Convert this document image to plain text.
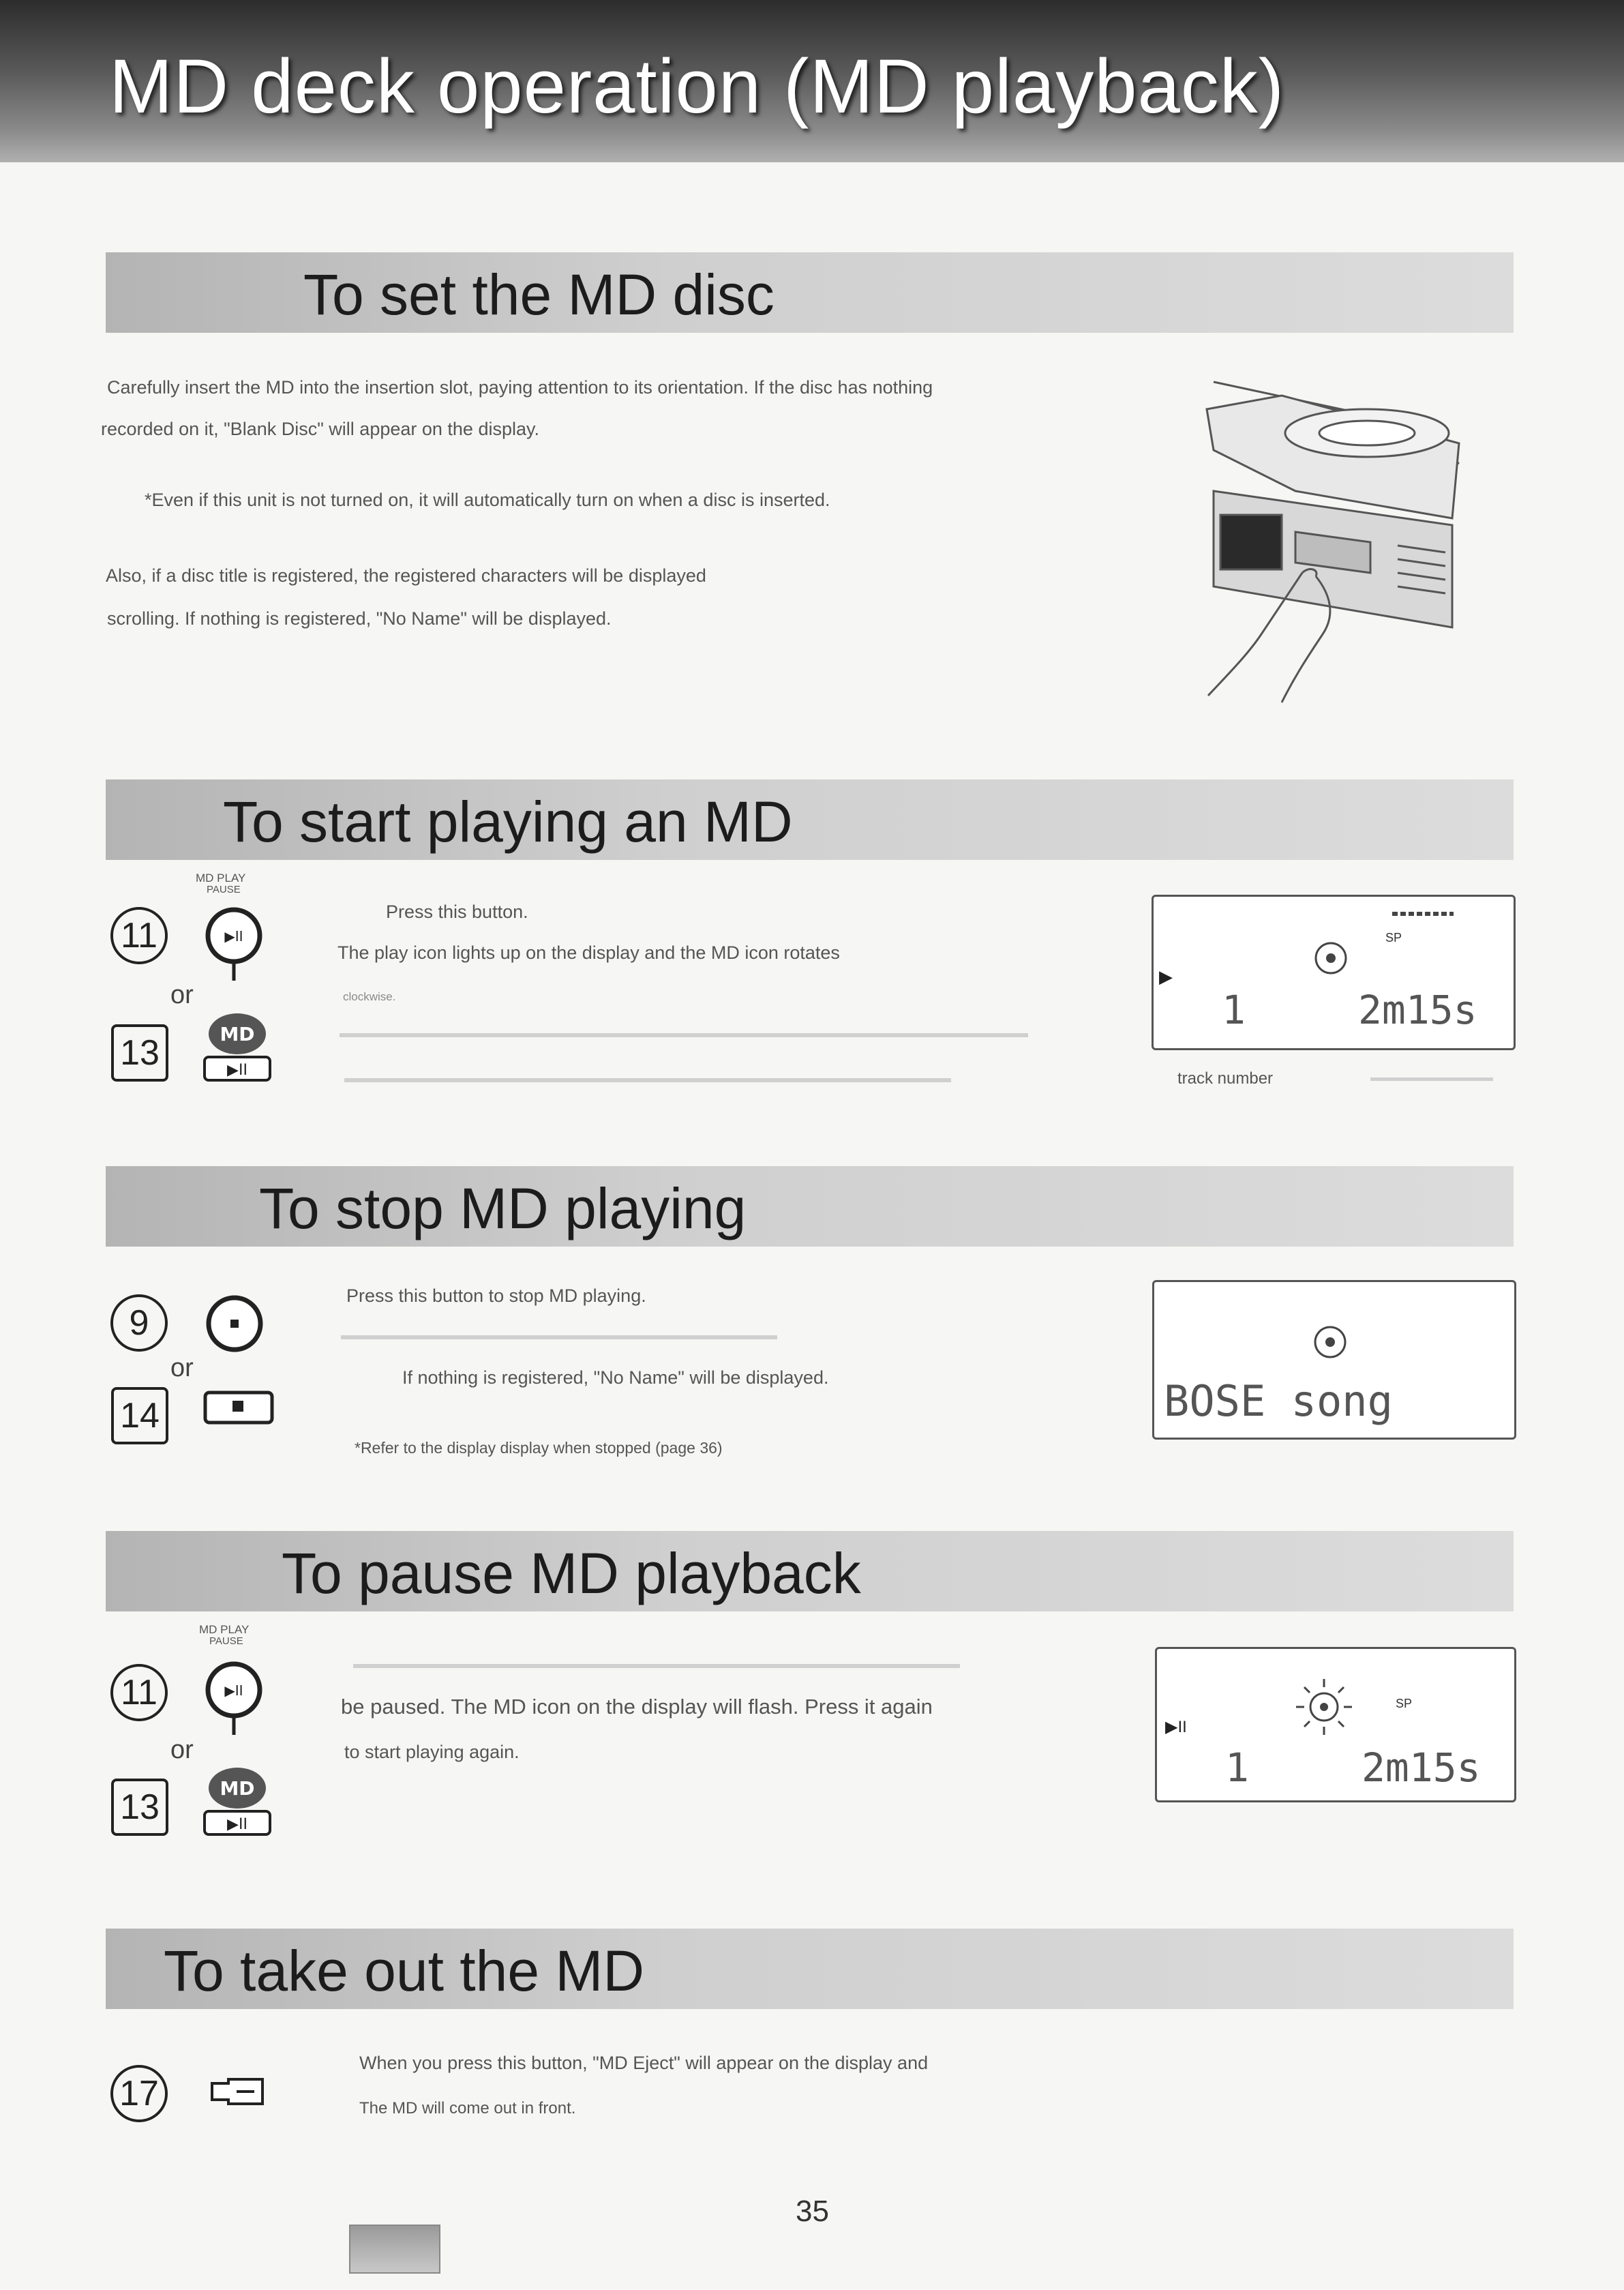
MD deck operation (MD playback)
To set the MD disc
Carefully insert the MD into the insertion slot, paying attention to its orientation. If the disc has nothing
recorded on it, "Blank Disc" will appear on the display.
*Even if this unit is not turned on, it will automatically turn on when a disc is inserted.
Also, if a disc title is registered, the registered characters will be displayed
scrolling. If nothing is registered, "No Name" will be displayed.
To start playing an MD
MD PLAY
PAUSE
11	▶II
or
13	MD
▶II
Press this button.
The play icon lights up on the display and the MD icon rotates
clockwise.
▶
SP
1	2m15s
track number
To stop MD playing
9
or
14
Press this button to stop MD playing.
If nothing is registered, "No Name" will be displayed.
*Refer to the display display when stopped (page 36)
BOSE song
To pause MD playback
MD PLAY
PAUSE
11	▶II
or
13	MD
▶II
be paused. The MD icon on the display will flash. Press it again
to start playing again.
▶II
SP
1	2m15s
To take out the MD
17
When you press this button, "MD Eject" will appear on the display and
The MD will come out in front.
35
